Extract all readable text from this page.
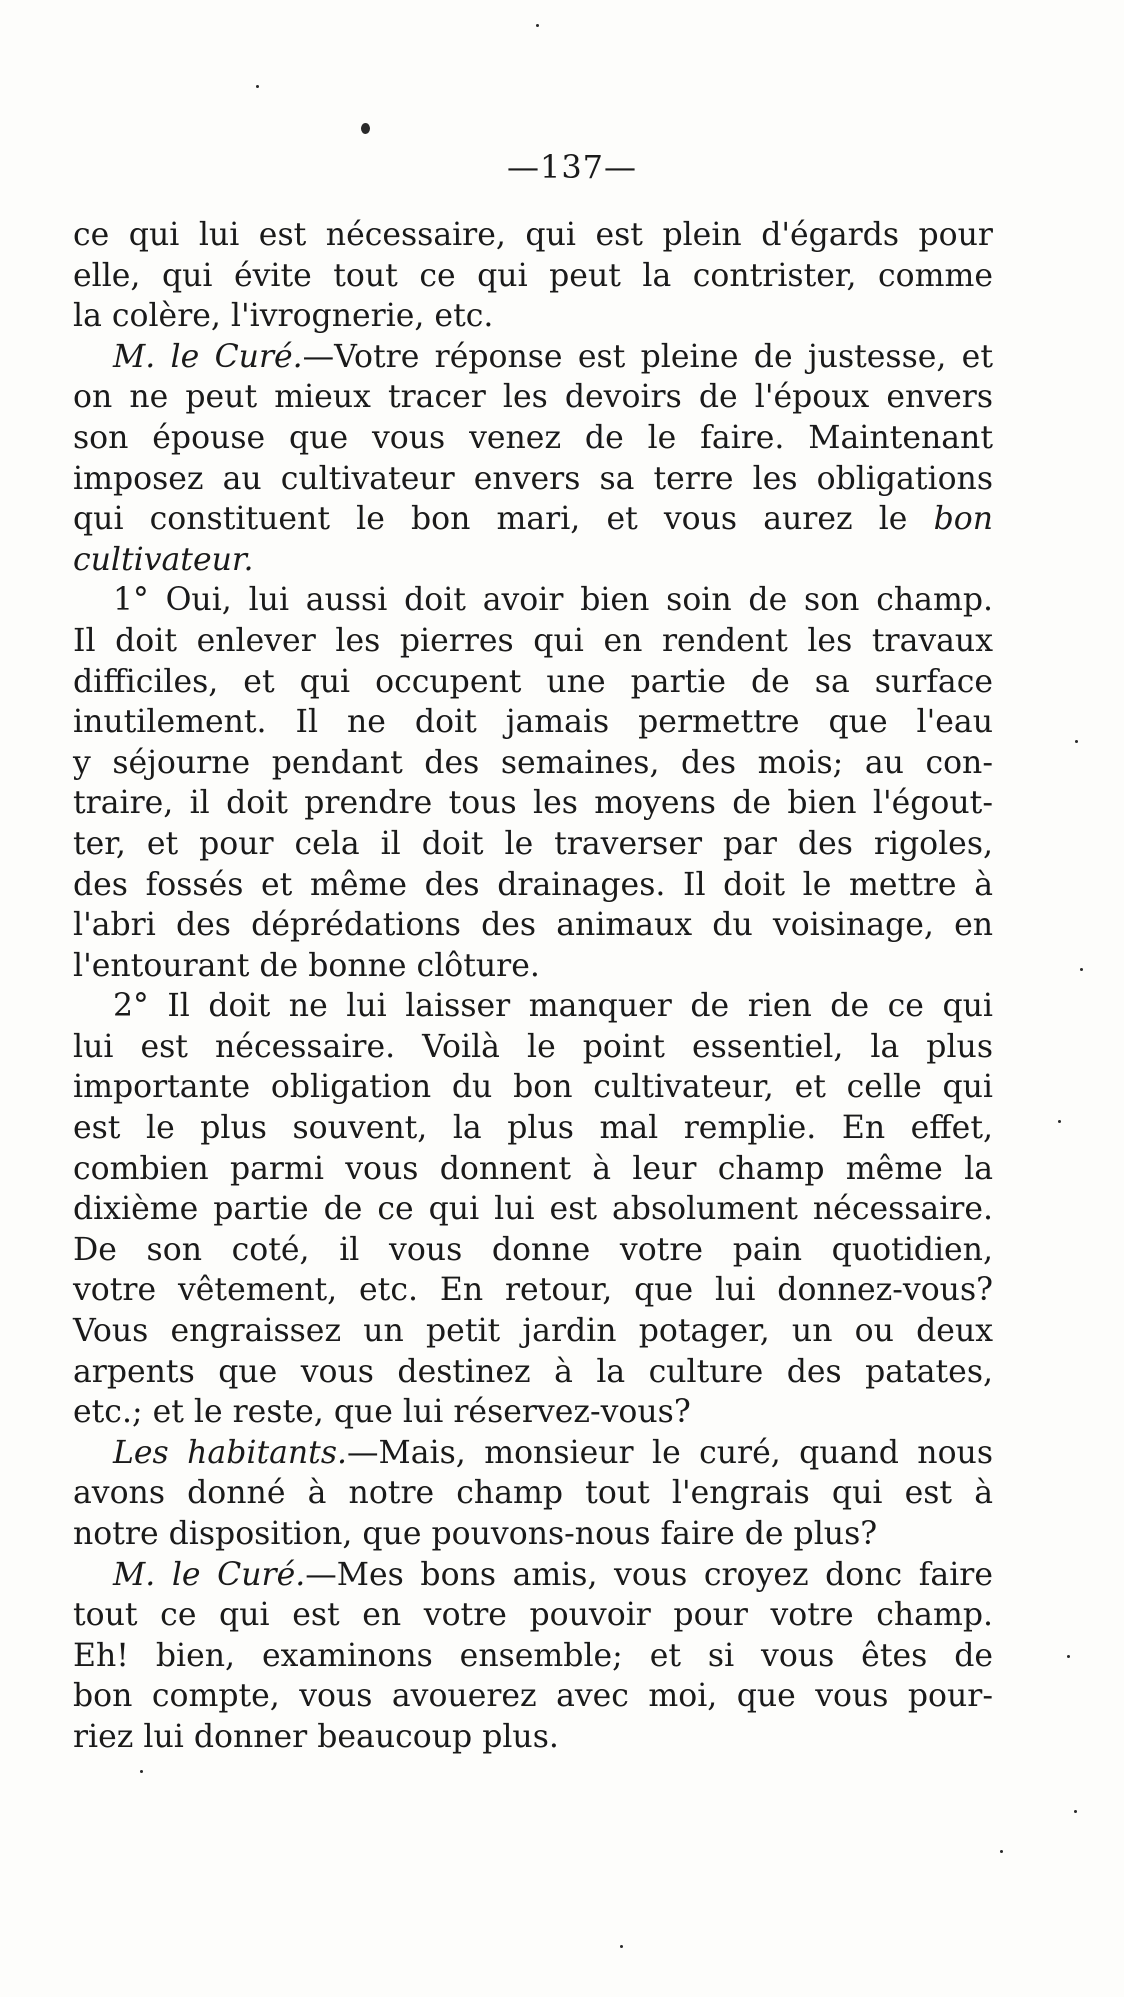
—137—
ce qui lui est nécessaire, qui est plein d'égards pour
elle, qui évite tout ce qui peut la contrister, comme
la colère, l'ivrognerie, etc.
M. le Curé.—Votre réponse est pleine de justesse, et
on ne peut mieux tracer les devoirs de l'époux envers
son épouse que vous venez de le faire. Maintenant
imposez au cultivateur envers sa terre les obligations
qui constituent le bon mari, et vous aurez le bon
cultivateur.
1° Oui, lui aussi doit avoir bien soin de son champ.
Il doit enlever les pierres qui en rendent les travaux
difficiles, et qui occupent une partie de sa surface
inutilement. Il ne doit jamais permettre que l'eau
y séjourne pendant des semaines, des mois; au con-
traire, il doit prendre tous les moyens de bien l'égout-
ter, et pour cela il doit le traverser par des rigoles,
des fossés et même des drainages. Il doit le mettre à
l'abri des déprédations des animaux du voisinage, en
l'entourant de bonne clôture.
2° Il doit ne lui laisser manquer de rien de ce qui
lui est nécessaire. Voilà le point essentiel, la plus
importante obligation du bon cultivateur, et celle qui
est le plus souvent, la plus mal remplie. En effet,
combien parmi vous donnent à leur champ même la
dixième partie de ce qui lui est absolument nécessaire.
De son coté, il vous donne votre pain quotidien,
votre vêtement, etc. En retour, que lui donnez-vous?
Vous engraissez un petit jardin potager, un ou deux
arpents que vous destinez à la culture des patates,
etc.; et le reste, que lui réservez-vous?
Les habitants.—Mais, monsieur le curé, quand nous
avons donné à notre champ tout l'engrais qui est à
notre disposition, que pouvons-nous faire de plus?
M. le Curé.—Mes bons amis, vous croyez donc faire
tout ce qui est en votre pouvoir pour votre champ.
Eh! bien, examinons ensemble; et si vous êtes de
bon compte, vous avouerez avec moi, que vous pour-
riez lui donner beaucoup plus.
